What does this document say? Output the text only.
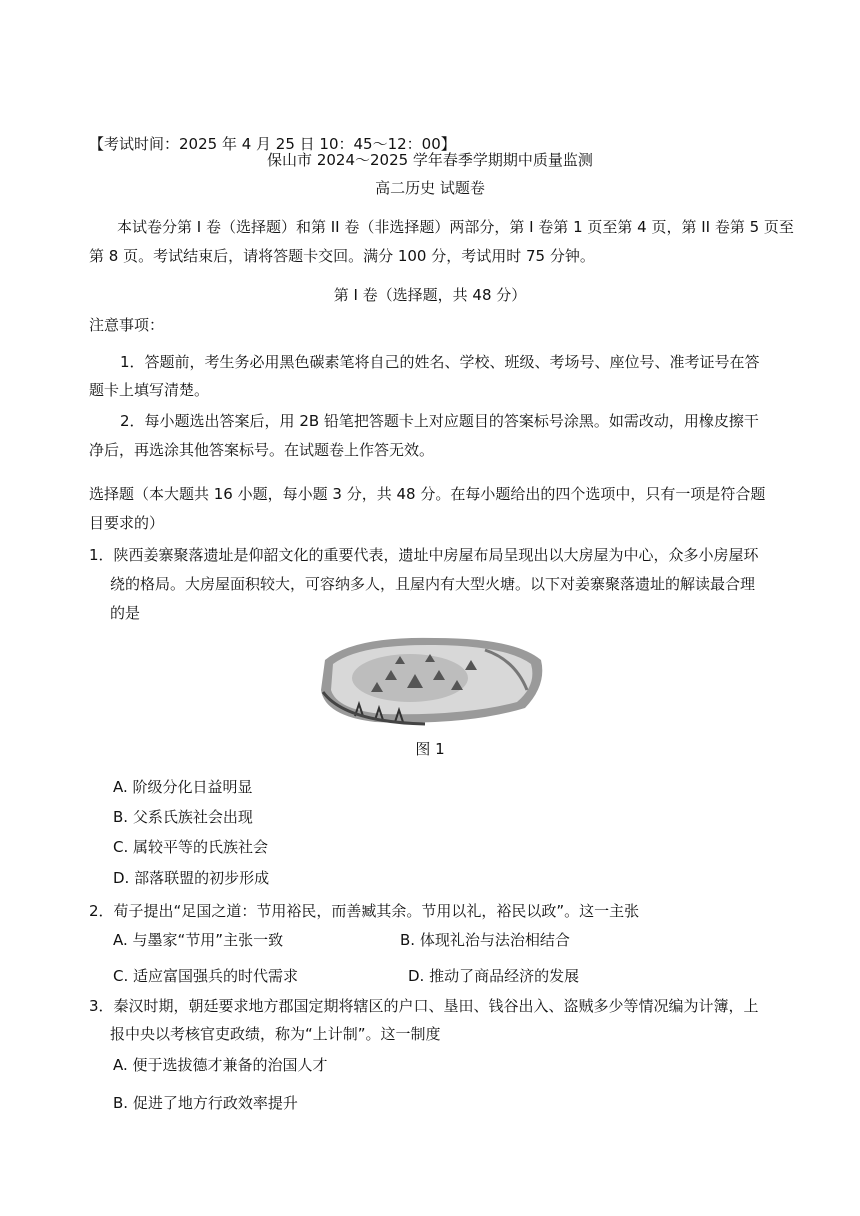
【考试时间：2025 年 4 月 25 日 10：45～12：00】
保山市 2024～2025 学年春季学期期中质量监测
高二历史 试题卷
本试卷分第 I 卷（选择题）和第 II 卷（非选择题）两部分，第 I 卷第 1 页至第 4 页，第 II 卷第 5 页至
第 8 页。考试结束后，请将答题卡交回。满分 100 分，考试用时 75 分钟。
第 I 卷（选择题，共 48 分）
注意事项：
1．答题前，考生务必用黑色碳素笔将自己的姓名、学校、班级、考场号、座位号、准考证号在答
题卡上填写清楚。
2．每小题选出答案后，用 2B 铅笔把答题卡上对应题目的答案标号涂黑。如需改动，用橡皮擦干
净后，再选涂其他答案标号。在试题卷上作答无效。
选择题（本大题共 16 小题，每小题 3 分，共 48 分。在每小题给出的四个选项中，只有一项是符合题
目要求的）
1．陕西姜寨聚落遗址是仰韶文化的重要代表，遗址中房屋布局呈现出以大房屋为中心，众多小房屋环
绕的格局。大房屋面积较大，可容纳多人，且屋内有大型火塘。以下对姜寨聚落遗址的解读最合理
的是
图 1
A. 阶级分化日益明显
B. 父系氏族社会出现
C. 属较平等的氏族社会
D. 部落联盟的初步形成
2．荀子提出“足国之道：节用裕民，而善臧其余。节用以礼，裕民以政”。这一主张
A. 与墨家“节用”主张一致	B. 体现礼治与法治相结合
C. 适应富国强兵的时代需求	D. 推动了商品经济的发展
3．秦汉时期，朝廷要求地方郡国定期将辖区的户口、垦田、钱谷出入、盗贼多少等情况编为计簿，上
报中央以考核官吏政绩，称为“上计制”。这一制度
A. 便于选拔德才兼备的治国人才
B. 促进了地方行政效率提升
